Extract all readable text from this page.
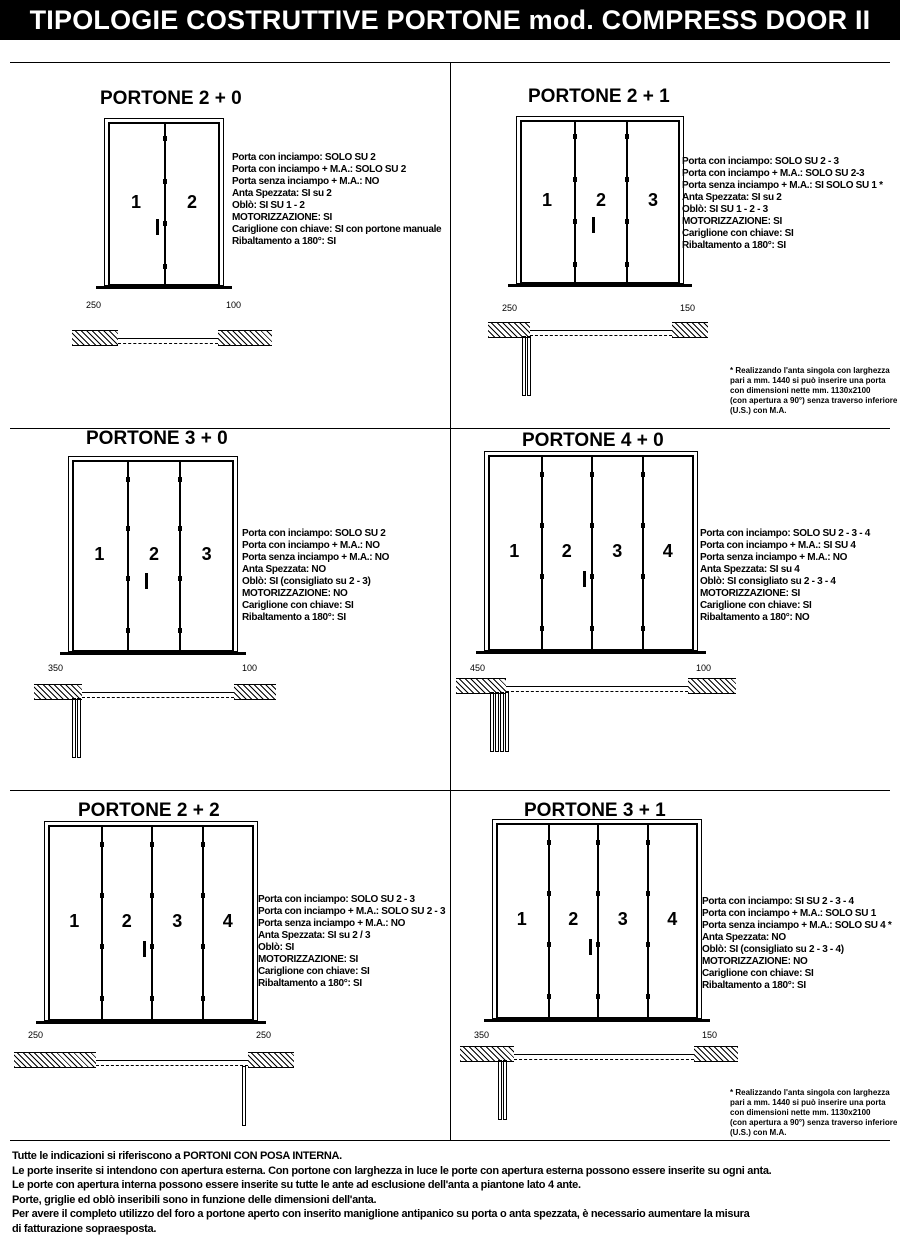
TIPOLOGIE COSTRUTTIVE PORTONE mod. COMPRESS DOOR II
PORTONE 2 + 0
1	2
Porta con inciampo: SOLO SU 2
Porta con inciampo + M.A.: SOLO SU 2
Porta senza inciampo + M.A.: NO
Anta Spezzata: SI su 2
Oblò: SI SU 1 - 2
MOTORIZZAZIONE: SI
Cariglione con chiave: SI con portone manuale
Ribaltamento a 180°: SI
250	100
PORTONE 2 + 1
1 2 3
Porta con inciampo: SOLO SU 2 - 3
Porta con inciampo + M.A.: SOLO SU 2-3
Porta senza inciampo + M.A.: SI SOLO SU 1 *
Anta Spezzata: SI su 2
Oblò: SI SU 1 - 2 - 3
MOTORIZZAZIONE: SI
Cariglione con chiave: SI
Ribaltamento a 180°: SI
250	150
* Realizzando l'anta singola con larghezza
pari a mm. 1440 si può inserire una porta
con dimensioni nette mm. 1130x2100
(con apertura a 90°) senza traverso inferiore
(U.S.) con M.A.
PORTONE 3 + 0
1 2 3
Porta con inciampo: SOLO SU 2
Porta con inciampo + M.A.: NO
Porta senza inciampo + M.A.: NO
Anta Spezzata: NO
Oblò: SI (consigliato su 2 - 3)
MOTORIZZAZIONE: NO
Cariglione con chiave: SI
Ribaltamento a 180°: SI
350	100
PORTONE 4 + 0
1 2 3 4
Porta con inciampo: SOLO SU 2 - 3 - 4
Porta con inciampo + M.A.: SI SU 4
Porta senza inciampo + M.A.: NO
Anta Spezzata: SI su 4
Oblò: SI consigliato su 2 - 3 - 4
MOTORIZZAZIONE: SI
Cariglione con chiave: SI
Ribaltamento a 180°: NO
450	100
PORTONE 2 + 2
1 2 3 4
Porta con inciampo: SOLO SU 2 - 3
Porta con inciampo + M.A.: SOLO SU 2 - 3
Porta senza inciampo + M.A.: NO
Anta Spezzata: SI su 2 / 3
Oblò: SI
MOTORIZZAZIONE: SI
Cariglione con chiave: SI
Ribaltamento a 180°: SI
250	250
PORTONE 3 + 1
1 2 3 4
Porta con inciampo: SI SU 2 - 3 - 4
Porta con inciampo + M.A.: SOLO SU 1
Porta senza inciampo + M.A.: SOLO SU 4 *
Anta Spezzata: NO
Oblò: SI (consigliato su 2 - 3 - 4)
MOTORIZZAZIONE: NO
Cariglione con chiave: SI
Ribaltamento a 180°: SI
350	150
* Realizzando l'anta singola con larghezza
pari a mm. 1440 si può inserire una porta
con dimensioni nette mm. 1130x2100
(con apertura a 90°) senza traverso inferiore
(U.S.) con M.A.
Tutte le indicazioni si riferiscono a PORTONI CON POSA INTERNA.
Le porte inserite si intendono con apertura esterna. Con portone con larghezza in luce le porte con apertura esterna possono essere inserite su ogni anta.
Le porte con apertura interna possono essere inserite su tutte le ante ad esclusione dell'anta a piantone lato 4 ante.
Porte, griglie ed oblò inseribili sono in funzione delle dimensioni dell'anta.
Per avere il completo utilizzo del foro a portone aperto con inserito maniglione antipanico su porta o anta spezzata, è necessario aumentare la misura
di fatturazione sopraesposta.
